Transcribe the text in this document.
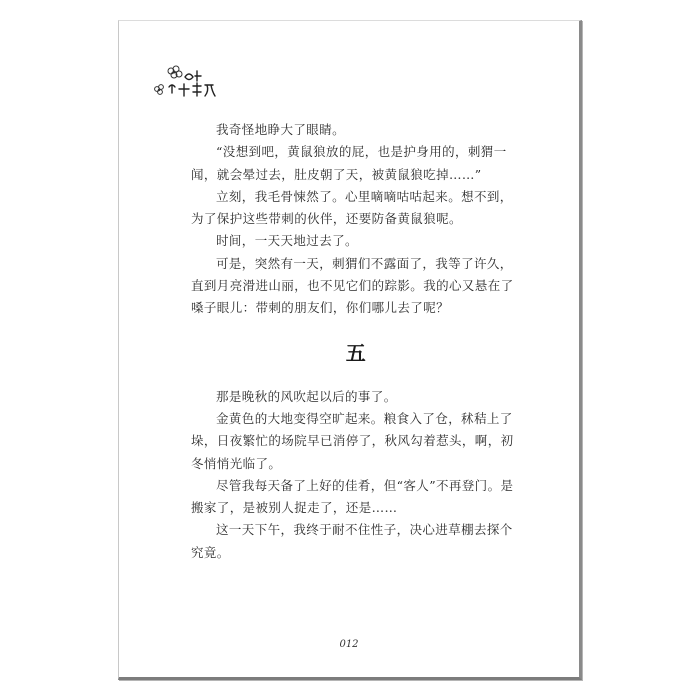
我奇怪地睁大了眼睛。

“没想到吧，黄鼠狼放的屁，也是护身用的，刺猬一闻，就会晕过去，肚皮朝了天，被黄鼠狼吃掉……”

立刻，我毛骨悚然了。心里嘀嘀咕咕起来。想不到，为了保护这些带刺的伙伴，还要防备黄鼠狼呢。

时间，一天天地过去了。

可是，突然有一天，刺猬们不露面了，我等了许久，直到月亮滑进山丽，也不见它们的踪影。我的心又悬在了嗓子眼儿：带刺的朋友们，你们哪儿去了呢？

五

那是晚秋的风吹起以后的事了。

金黄色的大地变得空旷起来。粮食入了仓，秫秸上了垛，日夜繁忙的场院早已消停了，秋风勾着惹头，啊，初冬悄悄光临了。

尽管我每天备了上好的佳肴，但“客人”不再登门。是搬家了，是被别人捉走了，还是……

这一天下午，我终于耐不住性子，决心进草棚去探个究竟。

012
